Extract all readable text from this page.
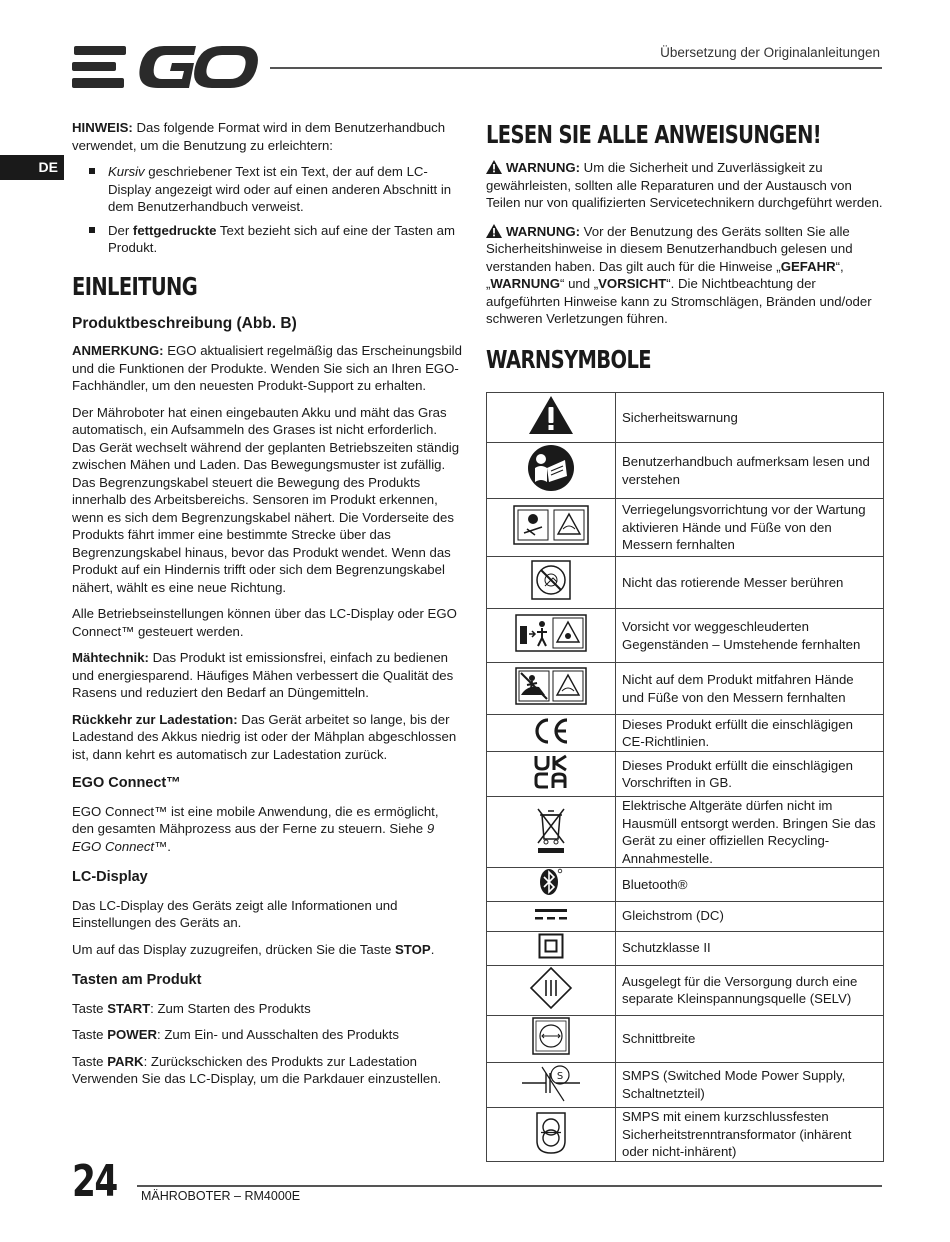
Übersetzung der Originalanleitungen
DE

HINWEIS: Das folgende Format wird in dem Benutzerhandbuch verwendet, um die Benutzung zu erleichtern:

Kursiv geschriebener Text ist ein Text, der auf dem LC-Display angezeigt wird oder auf einen anderen Abschnitt in dem Benutzerhandbuch verweist.
Der fettgedruckte Text bezieht sich auf eine der Tasten am Produkt.
EINLEITUNG
Produktbeschreibung (Abb. B)

ANMERKUNG: EGO aktualisiert regelmäßig das Erscheinungsbild und die Funktionen der Produkte. Wenden Sie sich an Ihren EGO-Fachhändler, um den neuesten Produkt-Support zu erhalten.

Der Mähroboter hat einen eingebauten Akku und mäht das Gras automatisch, ein Aufsammeln des Grases ist nicht erforderlich. Das Gerät wechselt während der geplanten Betriebszeiten ständig zwischen Mähen und Laden. Das Bewegungsmuster ist zufällig. Das Begrenzungskabel steuert die Bewegung des Produkts innerhalb des Arbeitsbereichs. Sensoren im Produkt erkennen, wenn es sich dem Begrenzungskabel nähert. Die Vorderseite des Produkts fährt immer eine bestimmte Strecke über das Begrenzungskabel hinaus, bevor das Produkt wendet. Wenn das Produkt auf ein Hindernis trifft oder sich dem Begrenzungskabel nähert, wählt es eine neue Richtung.

Alle Betriebseinstellungen können über das LC-Display oder EGO Connect™ gesteuert werden.

Mähtechnik: Das Produkt ist emissionsfrei, einfach zu bedienen und energiesparend. Häufiges Mähen verbessert die Qualität des Rasens und reduziert den Bedarf an Düngemitteln.

Rückkehr zur Ladestation: Das Gerät arbeitet so lange, bis der Ladestand des Akkus niedrig ist oder der Mähplan abgeschlossen ist, dann kehrt es automatisch zur Ladestation zurück.

EGO Connect™

EGO Connect™ ist eine mobile Anwendung, die es ermöglicht, den gesamten Mähprozess aus der Ferne zu steuern. Siehe 9 EGO Connect™.

LC-Display

Das LC-Display des Geräts zeigt alle Informationen und Einstellungen des Geräts an.

Um auf das Display zuzugreifen, drücken Sie die Taste STOP.

Tasten am Produkt

Taste START: Zum Starten des Produkts

Taste POWER: Zum Ein- und Ausschalten des Produkts

Taste PARK: Zurückschicken des Produkts zur Ladestation Verwenden Sie das LC-Display, um die Parkdauer einzustellen.

LESEN SIE ALLE ANWEISUNGEN!

WARNUNG: Um die Sicherheit und Zuverlässigkeit zu gewährleisten, sollten alle Reparaturen und der Austausch von Teilen nur von qualifizierten Servicetechnikern durchgeführt werden.

WARNUNG: Vor der Benutzung des Geräts sollten Sie alle Sicherheitshinweise in diesem Benutzerhandbuch gelesen und verstanden haben. Das gilt auch für die Hinweise „GEFAHR“, „WARNUNG“ und „VORSICHT“. Die Nichtbeachtung der aufgeführten Hinweise kann zu Stromschlägen, Bränden und/oder schweren Verletzungen führen.

WARNSYMBOLE
	Sicherheitswarnung
	Benutzerhandbuch aufmerksam lesen und verstehen
	Verriegelungsvorrichtung vor der Wartung aktivieren Hände und Füße von den Messern fernhalten
	Nicht das rotierende Messer berühren
	Vorsicht vor weggeschleuderten Gegenständen – Umstehende fernhalten
	Nicht auf dem Produkt mitfahren Hände und Füße von den Messern fernhalten
	Dieses Produkt erfüllt die einschlägigen CE-Richtlinien.
	Dieses Produkt erfüllt die einschlägigen Vorschriften in GB.
	Elektrische Altgeräte dürfen nicht im Hausmüll entsorgt werden. Bringen Sie das Gerät zu einer offiziellen Recycling-Annahmestelle.
	Bluetooth®
	Gleichstrom (DC)
	Schutzklasse II
	Ausgelegt für die Versorgung durch eine separate Kleinspannungsquelle (SELV)
	Schnittbreite

S	SMPS (Switched Mode Power Supply, Schaltnetzteil)
	SMPS mit einem kurzschlussfesten Sicherheitstrenntransformator (inhärent oder nicht-inhärent)
24 MÄHROBOTER – RM4000E
